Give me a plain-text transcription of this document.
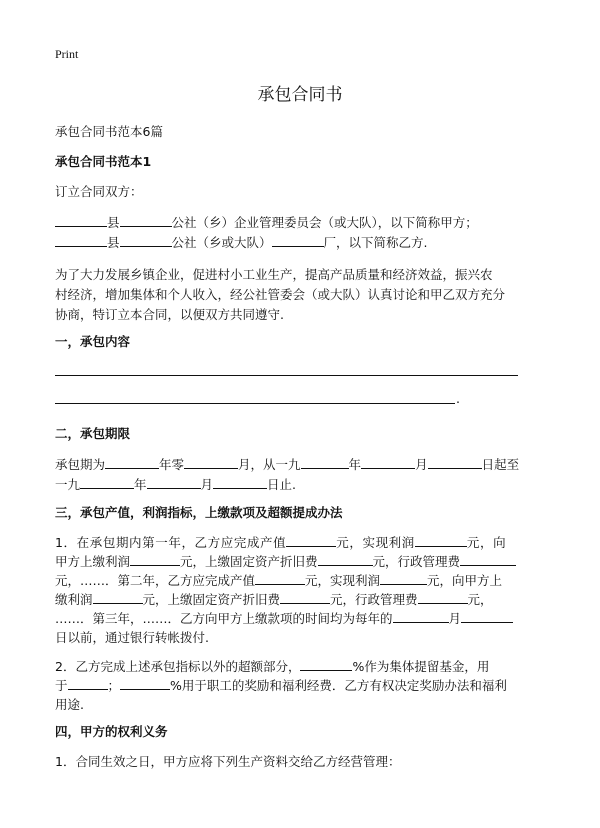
Print
承包合同书
承包合同书范本6篇
承包合同书范本1
订立合同双方：
县	公社（乡）企业管理委员会（或大队），以下简称甲方；
县	公社（乡或大队）	厂，以下简称乙方.
为了大力发展乡镇企业，促进村小工业生产，提高产品质量和经济效益，振兴农
村经济，增加集体和个人收入，经公社管委会（或大队）认真讨论和甲乙双方充分
协商，特订立本合同，以便双方共同遵守.
一，承包内容
.
二，承包期限
承包期为	年零	月，从一九	年	月	日起至
一九	年	月	日止.
三，承包产值，利润指标，上缴款项及超额提成办法
1．在承包期内第一年，乙方应完成产值	元，实现利润	元，向
甲方上缴利润	元，上缴固定资产折旧费	元，行政管理费
元，……．第二年，乙方应完成产值	元，实现利润	元，向甲方上
缴利润	元，上缴固定资产折旧费	元，行政管理费	元，
……．第三年，……．乙方向甲方上缴款项的时间均为每年的	月
日以前，通过银行转帐拨付.
2．乙方完成上述承包指标以外的超额部分，	%作为集体提留基金，用
于	；	%用于职工的奖励和福利经费．乙方有权决定奖励办法和福利
用途.
四，甲方的权利义务
1．合同生效之日，甲方应将下列生产资料交给乙方经营管理：
